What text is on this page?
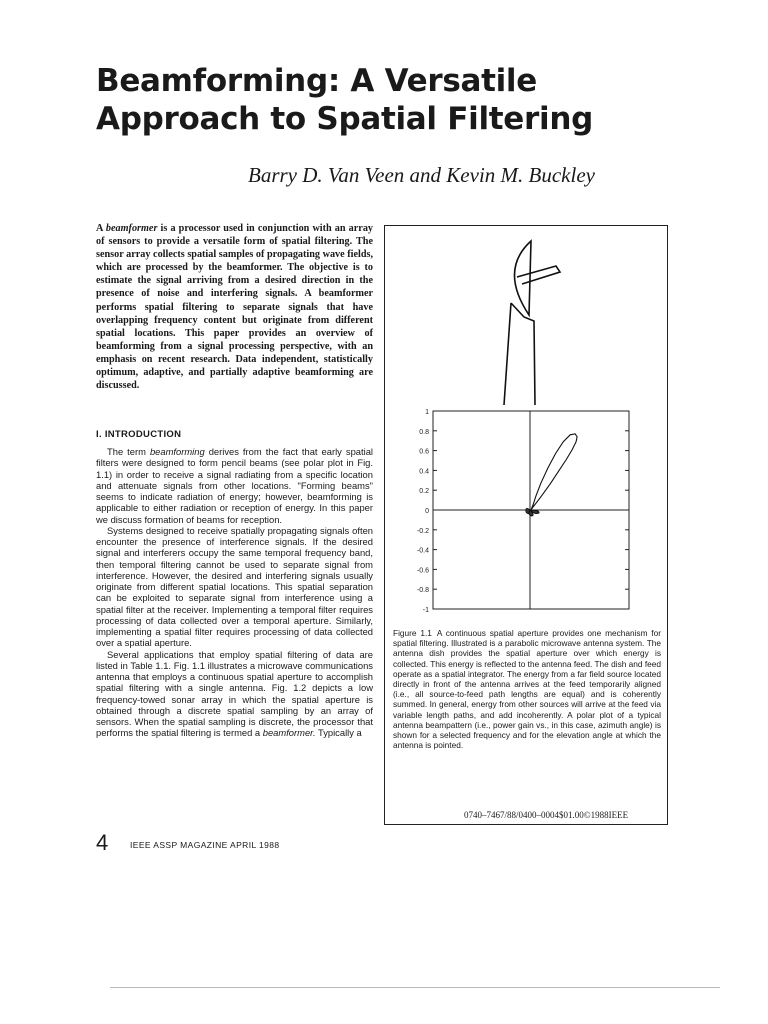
Beamforming: A Versatile
Approach to Spatial Filtering
Barry D. Van Veen and Kevin M. Buckley

A beamformer is a processor used in conjunction with an array of sensors to provide a versatile form of spatial filtering. The sensor array collects spatial samples of propagating wave fields, which are processed by the beamformer. The objective is to estimate the signal arriving from a desired direction in the presence of noise and interfering signals. A beamformer performs spatial filtering to separate signals that have overlapping frequency content but originate from different spatial locations. This paper provides an overview of beamforming from a signal processing perspective, with an emphasis on recent research. Data independent, statistically optimum, adaptive, and partially adaptive beamforming are discussed.

I. INTRODUCTION

The term beamforming derives from the fact that early spatial filters were designed to form pencil beams (see polar plot in Fig. 1.1) in order to receive a signal radiating from a specific location and attenuate signals from other locations. "Forming beams" seems to indicate radiation of energy; however, beamforming is applicable to either radiation or reception of energy. In this paper we discuss formation of beams for reception.

Systems designed to receive spatially propagating signals often encounter the presence of interference signals. If the desired signal and interferers occupy the same temporal frequency band, then temporal filtering cannot be used to separate signal from interference. However, the desired and interfering signals usually originate from different spatial locations. This spatial separation can be exploited to separate signal from interference using a spatial filter at the receiver. Implementing a temporal filter requires processing of data collected over a temporal aperture. Similarly, implementing a spatial filter requires processing of data collected over a spatial aperture.

Several applications that employ spatial filtering of data are listed in Table 1.1. Fig. 1.1 illustrates a microwave communications antenna that employs a continuous spatial aperture to accomplish spatial filtering with a single antenna. Fig. 1.2 depicts a low frequency-towed sonar array in which the spatial aperture is obtained through a discrete spatial sampling by an array of sensors. When the spatial sampling is discrete, the processor that performs the spatial filtering is termed a beamformer. Typically a

1
0.8
0.6
0.4
0.2
0
-0.2
-0.4
-0.6
-0.8
-1
Figure 1.1 A continuous spatial aperture provides one mechanism for spatial filtering. Illustrated is a parabolic microwave antenna system. The antenna dish provides the spatial aperture over which energy is collected. This energy is reflected to the antenna feed. The dish and feed operate as a spatial integrator. The energy from a far field source located directly in front of the antenna arrives at the feed temporarily aligned (i.e., all source-to-feed path lengths are equal) and is coherently summed. In general, energy from other sources will arrive at the feed via variable length paths, and add incoherently. A polar plot of a typical antenna beampattern (i.e., power gain vs., in this case, azimuth angle) is shown for a selected frequency and for the elevation angle at which the antenna is pointed.
0740–7467/88/0400–0004$01.00©1988IEEE
4	IEEE ASSP MAGAZINE APRIL 1988
